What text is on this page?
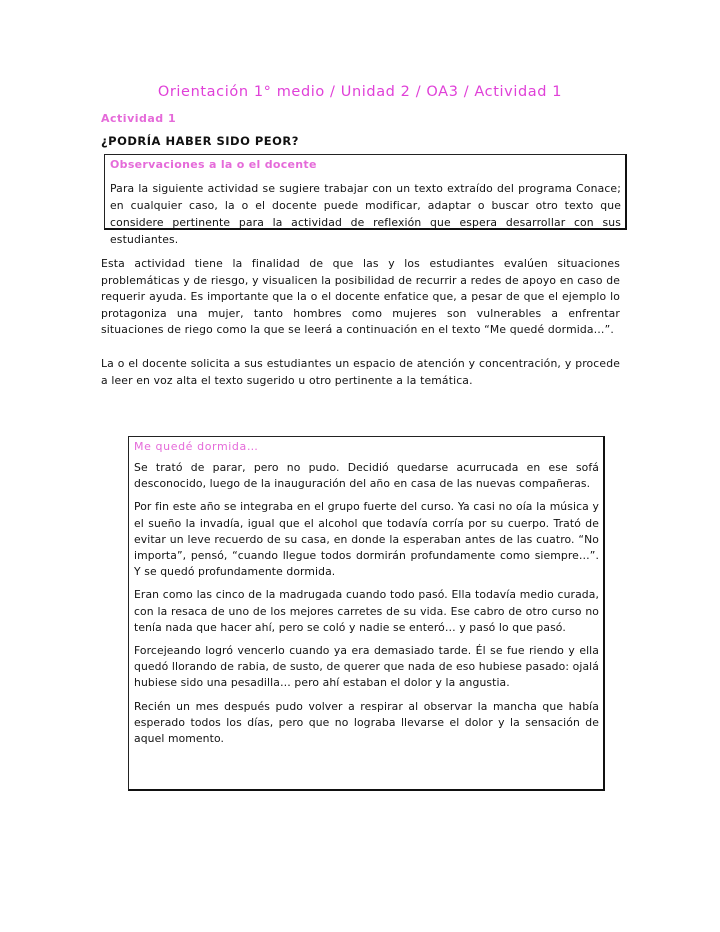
Orientación 1° medio / Unidad 2 / OA3 / Actividad 1
Actividad 1
¿PODRÍA HABER SIDO PEOR?
Observaciones a la o el docente
Para la siguiente actividad se sugiere trabajar con un texto extraído del programa Conace; en cualquier caso, la o el docente puede modificar, adaptar o buscar otro texto que considere pertinente para la actividad de reflexión que espera desarrollar con sus estudiantes.

Esta actividad tiene la finalidad de que las y los estudiantes evalúen situaciones problemáticas y de riesgo, y visualicen la posibilidad de recurrir a redes de apoyo en caso de requerir ayuda. Es importante que la o el docente enfatice que, a pesar de que el ejemplo lo protagoniza una mujer, tanto hombres como mujeres son vulnerables a enfrentar situaciones de riego como la que se leerá a continuación en el texto “Me quedé dormida…”.

La o el docente solicita a sus estudiantes un espacio de atención y concentración, y procede a leer en voz alta el texto sugerido u otro pertinente a la temática.

Me quedé dormida…

Se trató de parar, pero no pudo. Decidió quedarse acurrucada en ese sofá desconocido, luego de la inauguración del año en casa de las nuevas compañeras.

Por fin este año se integraba en el grupo fuerte del curso. Ya casi no oía la música y el sueño la invadía, igual que el alcohol que todavía corría por su cuerpo. Trató de evitar un leve recuerdo de su casa, en donde la esperaban antes de las cuatro. “No importa”, pensó, “cuando llegue todos dormirán profundamente como siempre…”. Y se quedó profundamente dormida.

Eran como las cinco de la madrugada cuando todo pasó. Ella todavía medio curada, con la resaca de uno de los mejores carretes de su vida. Ese cabro de otro curso no tenía nada que hacer ahí, pero se coló y nadie se enteró… y pasó lo que pasó.

Forcejeando logró vencerlo cuando ya era demasiado tarde. Él se fue riendo y ella quedó llorando de rabia, de susto, de querer que nada de eso hubiese pasado: ojalá hubiese sido una pesadilla… pero ahí estaban el dolor y la angustia.

Recién un mes después pudo volver a respirar al observar la mancha que había esperado todos los días, pero que no lograba llevarse el dolor y la sensación de aquel momento.
